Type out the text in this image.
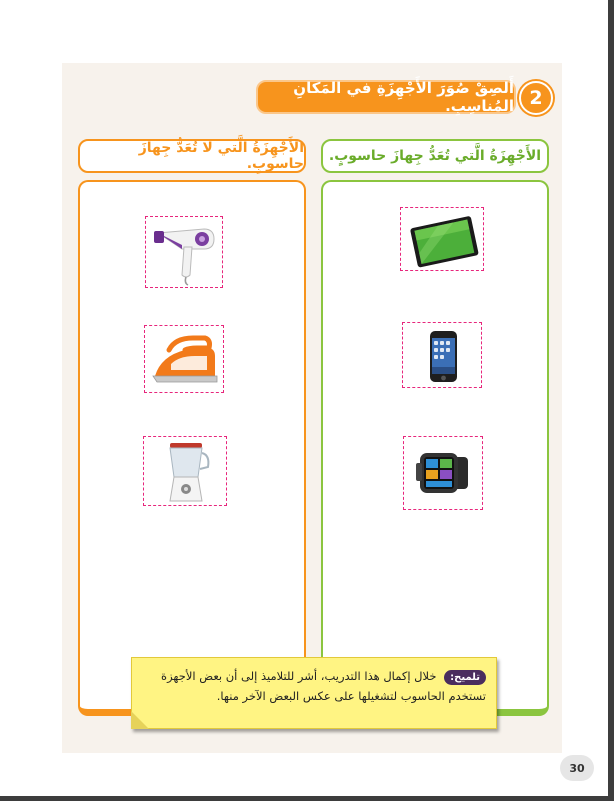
2
أَلصِقْ صُوَرَ الأَجْهِزَةِ في المَكانِ المُناسِبِ.
الأَجْهِزَةُ الَّتي تُعَدُّ جِهازَ حاسوبٍ.
الأَجْهِزَةُ الَّتي لا تُعَدُّ جِهازَ حاسوبٍ.
تلميح: خلال إكمال هذا التدريب، أشر للتلاميذ إلى أن بعض الأجهزة تستخدم الحاسوب لتشغيلها على عكس البعض الآخر منها.
30
